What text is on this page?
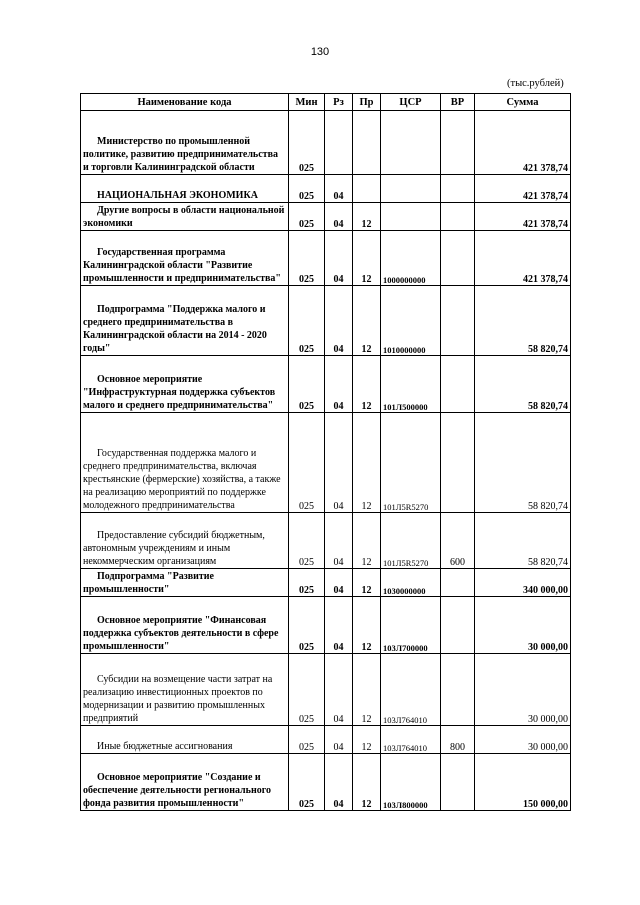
130
(тыс.рублей)
Наименование кода	Мин	Рз	Пр	ЦСР	ВР	Сумма
Министерство по промышленной политике, развитию предпринимательства и торговли Калининградской области	025					421 378,74
НАЦИОНАЛЬНАЯ ЭКОНОМИКА	025	04				421 378,74
Другие вопросы в области национальной экономики	025	04	12			421 378,74
Государственная программа Калининградской области "Развитие промышленности и предпринимательства"	025	04	12	1000000000		421 378,74
Подпрограмма "Поддержка малого и среднего предпринимательства в Калининградской области на 2014 - 2020 годы"	025	04	12	1010000000		58 820,74
Основное мероприятие "Инфраструктурная поддержка субъектов малого и среднего предпринимательства"	025	04	12	101Л500000		58 820,74
Государственная поддержка малого и среднего предпринимательства, включая крестьянские (фермерские) хозяйства, а также на реализацию мероприятий по поддержке молодежного предпринимательства	025	04	12	101Л5R5270		58 820,74
Предоставление субсидий бюджетным, автономным учреждениям и иным некоммерческим организациям	025	04	12	101Л5R5270	600	58 820,74
Подпрограмма "Развитие промышленности"	025	04	12	1030000000		340 000,00
Основное мероприятие "Финансовая поддержка субъектов деятельности в сфере промышленности"	025	04	12	103Л700000		30 000,00
Субсидии на возмещение части затрат на реализацию инвестиционных проектов по модернизации и развитию промышленных предприятий	025	04	12	103Л764010		30 000,00
Иные бюджетные ассигнования	025	04	12	103Л764010	800	30 000,00
Основное мероприятие "Создание и обеспечение деятельности регионального фонда развития промышленности"	025	04	12	103Л800000		150 000,00
